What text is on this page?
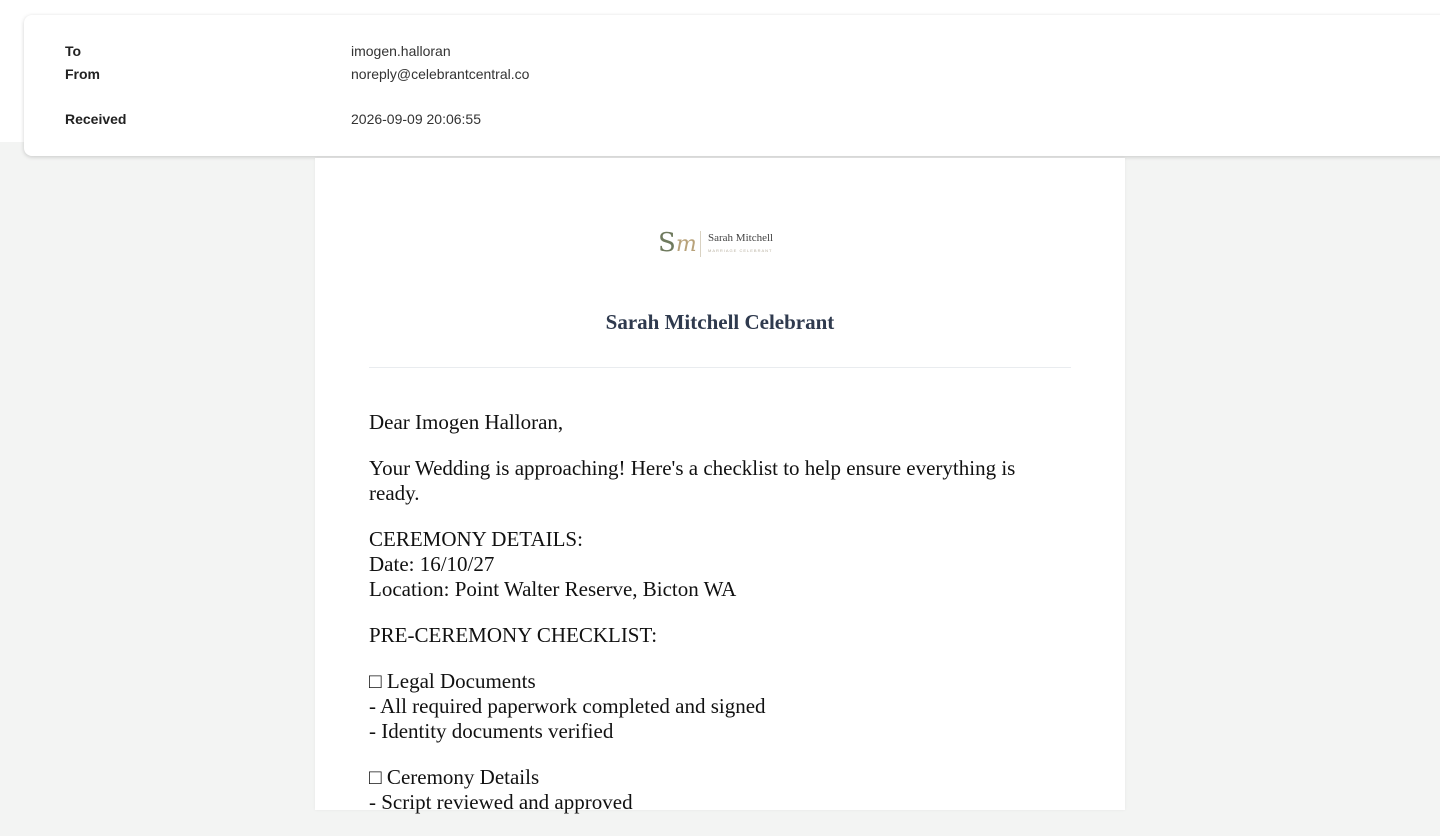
To	imogen.halloran
From	noreply@celebrantcentral.co
Received	2026-09-09 20:06:55
Sm Sarah Mitchell
MARRIAGE CELEBRANT
Sarah Mitchell Celebrant

Dear Imogen Halloran,

Your Wedding is approaching! Here's a checklist to help ensure everything is ready.

CEREMONY DETAILS:
Date: 16/10/27
Location: Point Walter Reserve, Bicton WA

PRE-CEREMONY CHECKLIST:

□ Legal Documents
- All required paperwork completed and signed
- Identity documents verified

□ Ceremony Details
- Script reviewed and approved
